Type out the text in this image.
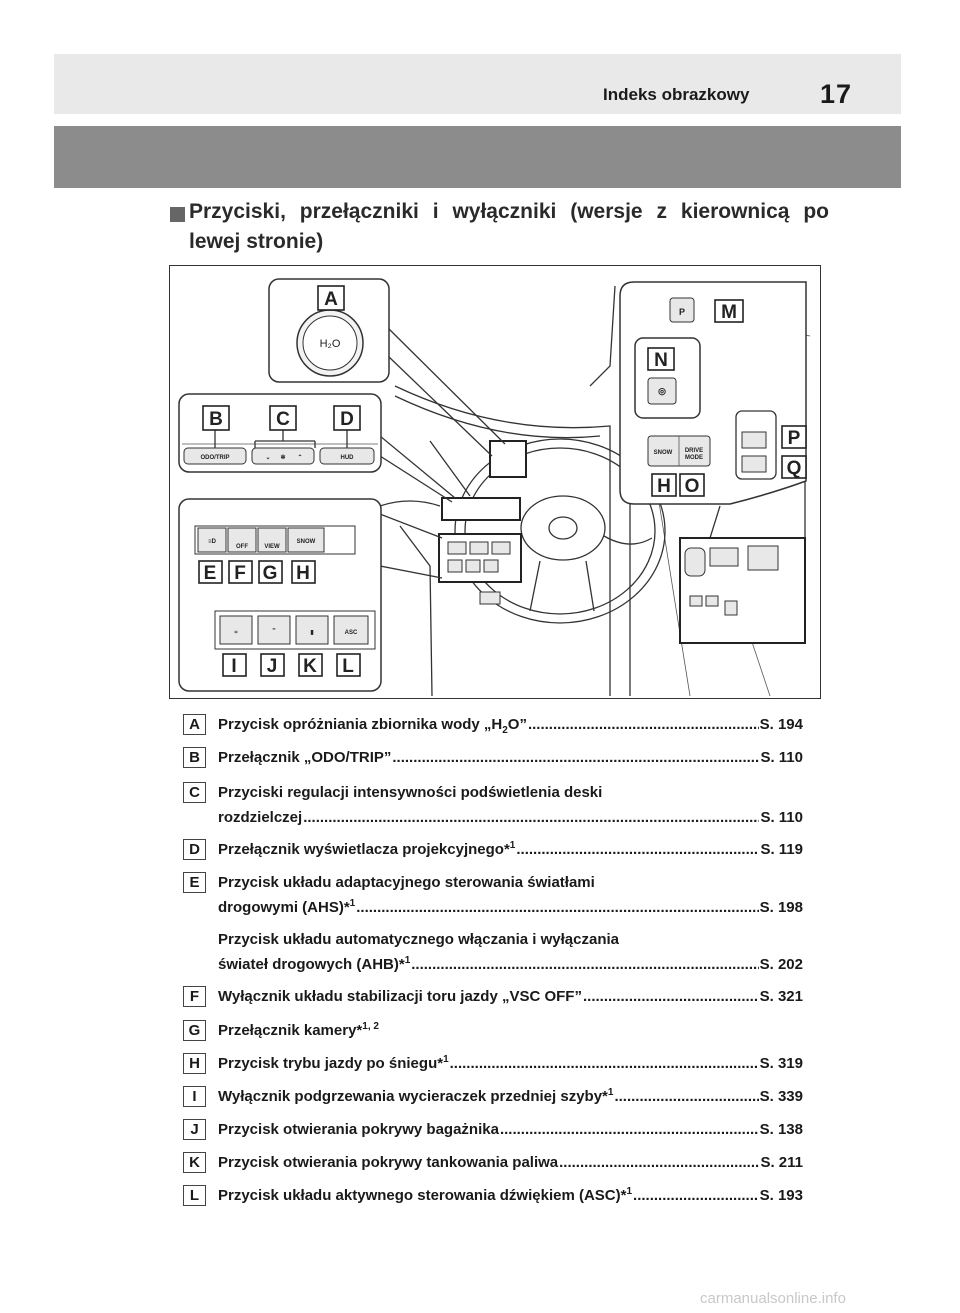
Indeks obrazkowy	17
Przyciski, przełączniki i wyłączniki (wersje z kierownicą po lewej stronie)
H₂O
A
ODO/TRIP	⌄ ✼ ⌃	HUD
B	C	D
≡D
OFF	VIEW
SNOW
E F G H
≈	⎴	▮	ASC
I J K L
P M
N
◎
SNOW DRIVE
MODE
H O
P
Q
A	Przycisk opróżniania zbiornika wody $„H_2O$” .....	S. 194
B	Przełącznik „ODO/TRIP” .....	S. 110
C	Przyciski regulacji intensywności podświetlenia deski
rozdzielczej .....	S. 110
D	Przełącznik wyświetlacza projekcyjnego*$^1$ .....	S. 119
E	Przycisk układu adaptacyjnego sterowania światłami
drogowymi (AHS)*$^1$ .....	S. 198
Przycisk układu automatycznego włączania i wyłączania
świateł drogowych (AHB)*$^1$ .....	S. 202
F	Wyłącznik układu stabilizacji toru jazdy „VSC OFF” .....	S. 321
G	Przełącznik kamery*$^{1, 2}$
H	Przycisk trybu jazdy po śniegu*$^1$ .....	S. 319
I	Wyłącznik podgrzewania wycieraczek przedniej szyby*$^1$ .....	S. 339
J	Przycisk otwierania pokrywy bagażnika .....	S. 138
K	Przycisk otwierania pokrywy tankowania paliwa .....	S. 211
L	Przycisk układu aktywnego sterowania dźwiękiem (ASC)*$^1$ .....	S. 193
carmanualsonline.info
